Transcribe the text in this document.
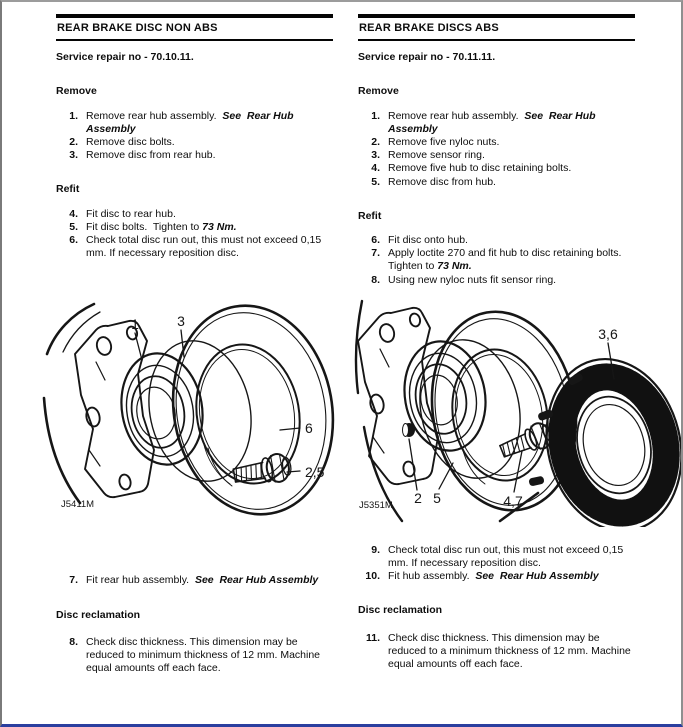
REAR BRAKE DISC NON ABS
Service repair no - 70.10.11.
Remove
1. Remove rear hub assembly.  See  Rear Hub Assembly
2. Remove disc bolts.
3. Remove disc from rear hub.
Refit
4. Fit disc to rear hub.
5. Fit disc bolts.  Tighten to 73 Nm.
6. Check total disc run out, this must not exceed 0,15 mm. If necessary reposition disc.
1	3
6
2,5
J5411M
7. Fit rear hub assembly.  See  Rear Hub Assembly
Disc reclamation
8. Check disc thickness. This dimension may be reduced to minimum thickness of 12 mm. Machine equal amounts off each face.
REAR BRAKE DISCS ABS
Service repair no - 70.11.11.
Remove
1. Remove rear hub assembly.  See  Rear Hub Assembly
2. Remove five nyloc nuts.
3. Remove sensor ring.
4. Remove five hub to disc retaining bolts.
5. Remove disc from hub.
Refit
6. Fit disc onto hub.
7. Apply loctite 270 and fit hub to disc retaining bolts.  Tighten to 73 Nm.
8. Using new nyloc nuts fit sensor ring.
3,6
2 5	4,7
J5351M
9. Check total disc run out, this must not exceed 0,15 mm. If necessary reposition disc.
10. Fit hub assembly.  See  Rear Hub Assembly
Disc reclamation
11. Check disc thickness. This dimension may be reduced to a minimum thickness of 12 mm. Machine equal amounts off each face.
